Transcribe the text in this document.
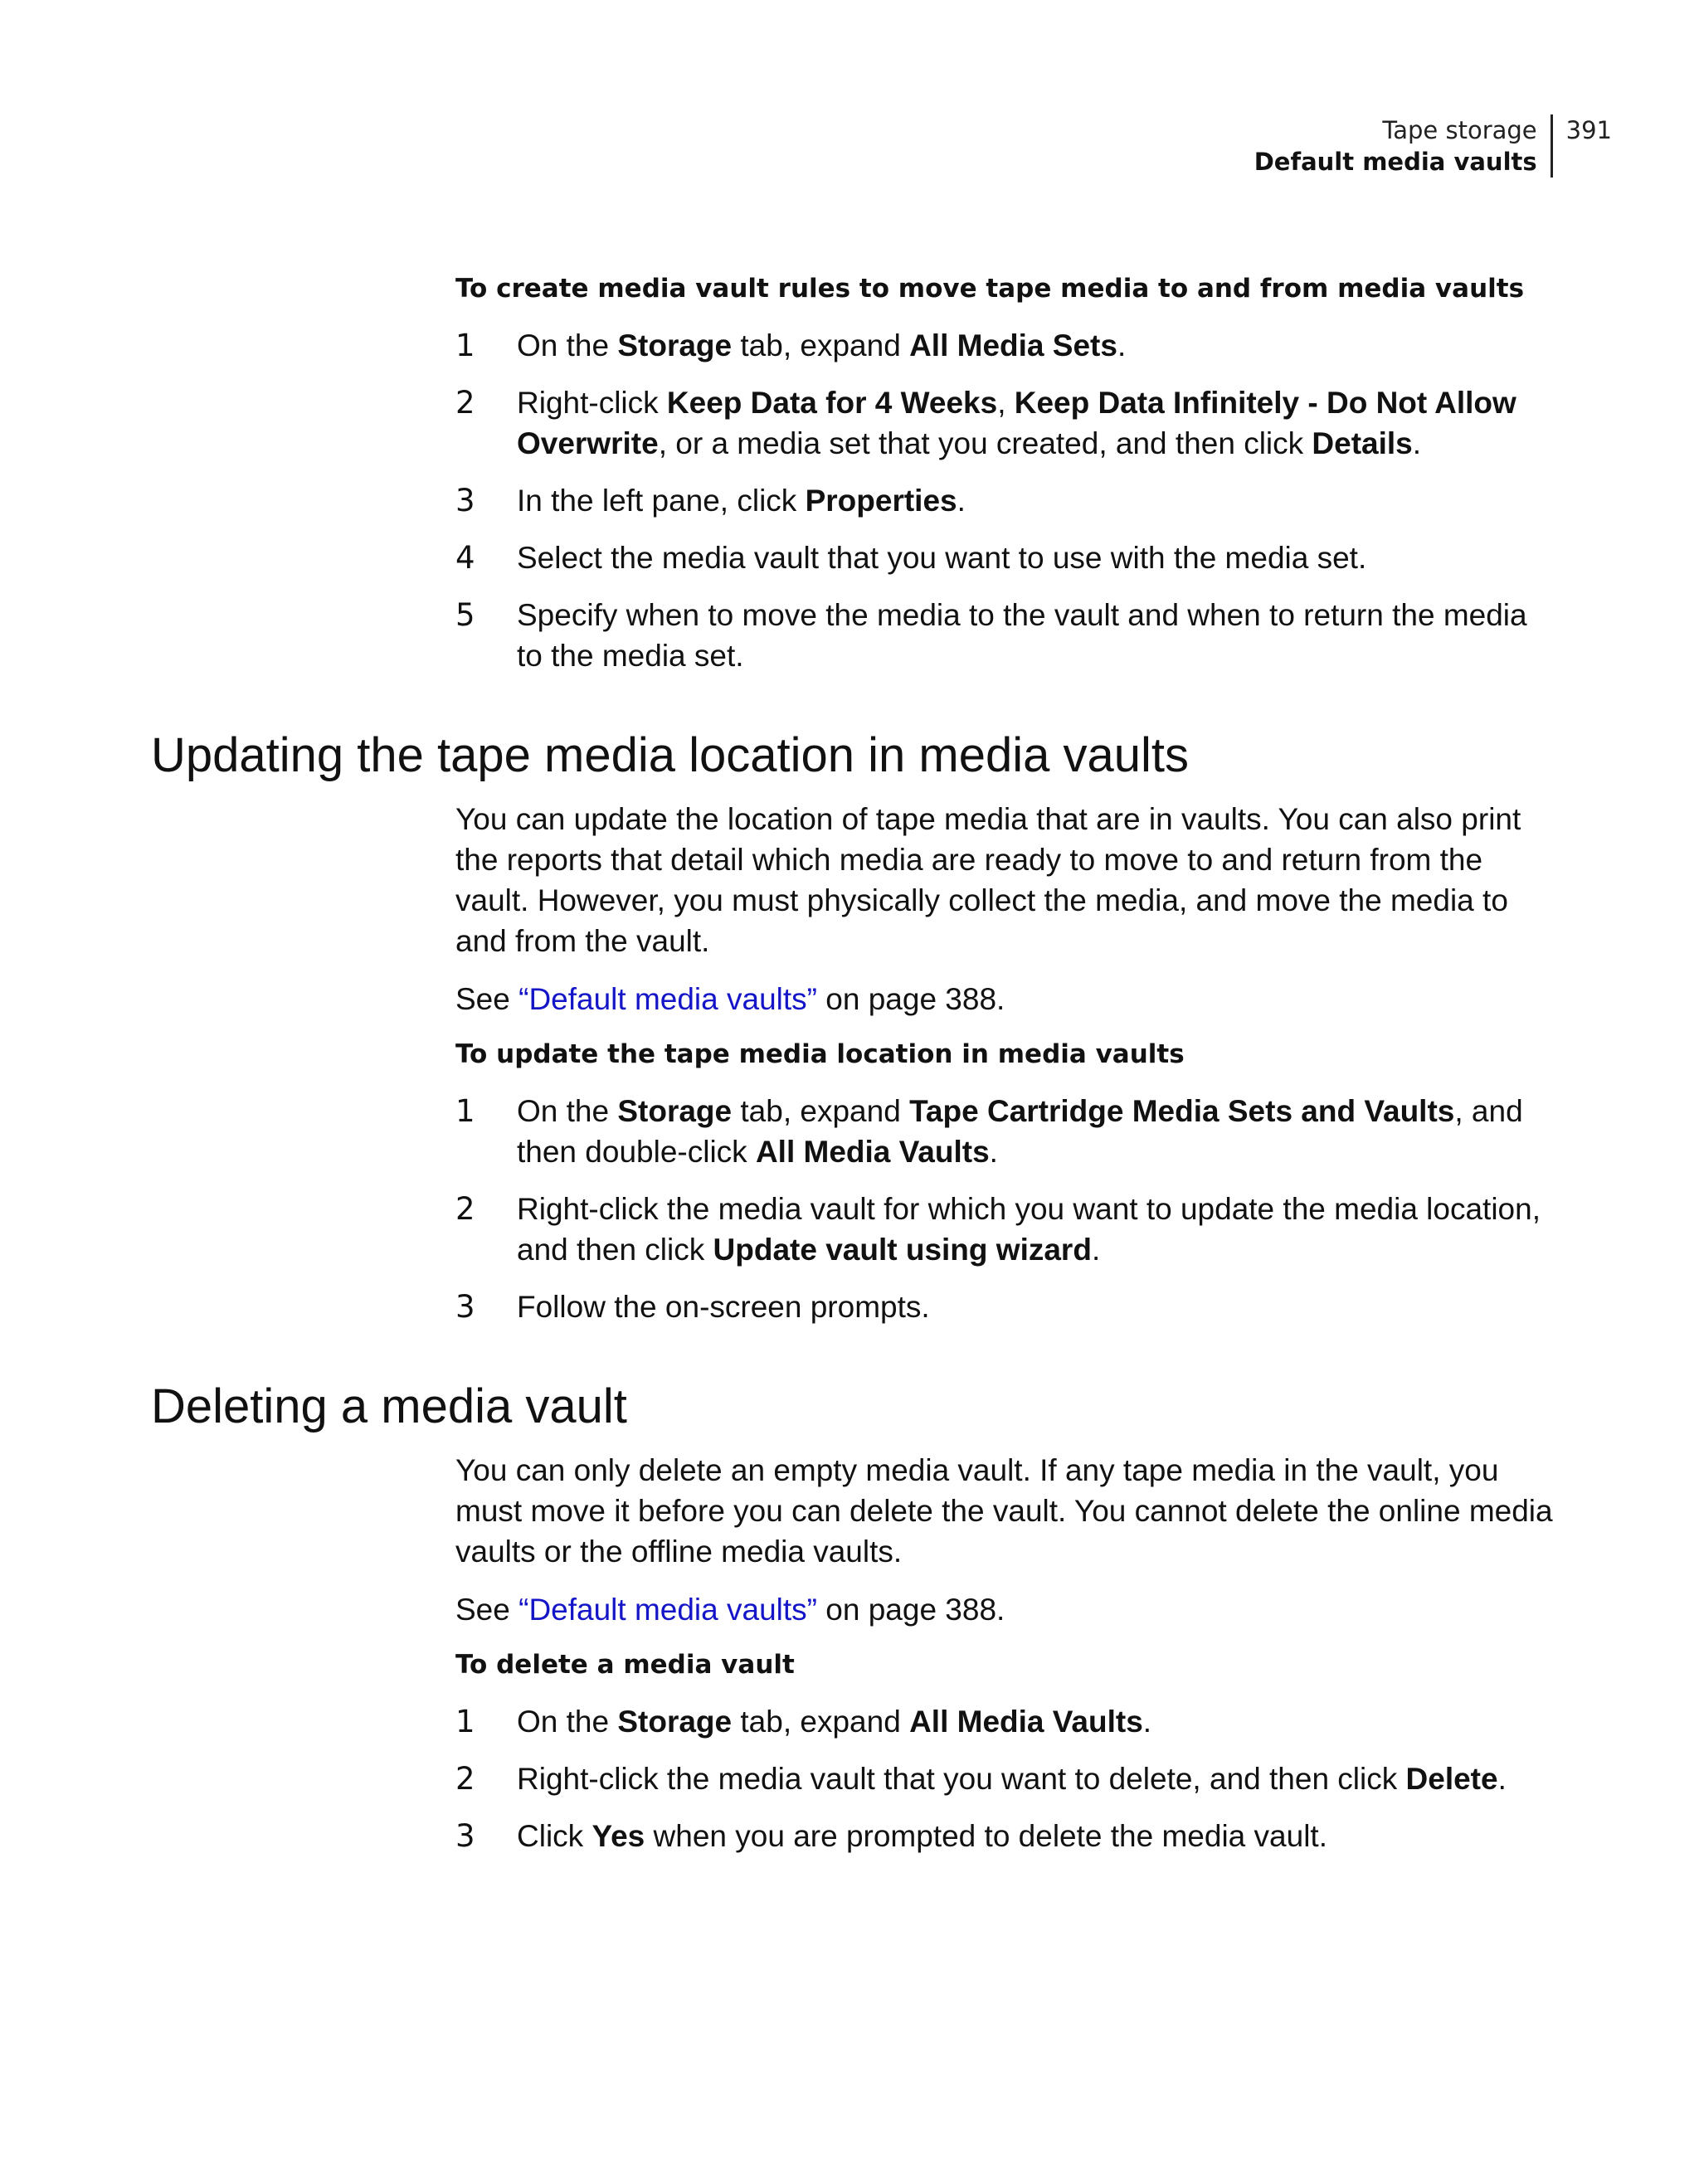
Tape storage
Default media vaults
391
To create media vault rules to move tape media to and from media vaults
1	On the Storage tab, expand All Media Sets.
2	Right-click Keep Data for 4 Weeks, Keep Data Infinitely - Do Not Allow Overwrite, or a media set that you created, and then click Details.
3	In the left pane, click Properties.
4	Select the media vault that you want to use with the media set.
5	Specify when to move the media to the vault and when to return the media to the media set.
Updating the tape media location in media vaults
You can update the location of tape media that are in vaults. You can also print the reports that detail which media are ready to move to and return from the vault. However, you must physically collect the media, and move the media to and from the vault.
See “Default media vaults” on page 388.
To update the tape media location in media vaults
1	On the Storage tab, expand Tape Cartridge Media Sets and Vaults, and then double-click All Media Vaults.
2	Right-click the media vault for which you want to update the media location, and then click Update vault using wizard.
3	Follow the on-screen prompts.
Deleting a media vault
You can only delete an empty media vault. If any tape media in the vault, you must move it before you can delete the vault. You cannot delete the online media vaults or the offline media vaults.
See “Default media vaults” on page 388.
To delete a media vault
1	On the Storage tab, expand All Media Vaults.
2	Right-click the media vault that you want to delete, and then click Delete.
3	Click Yes when you are prompted to delete the media vault.
